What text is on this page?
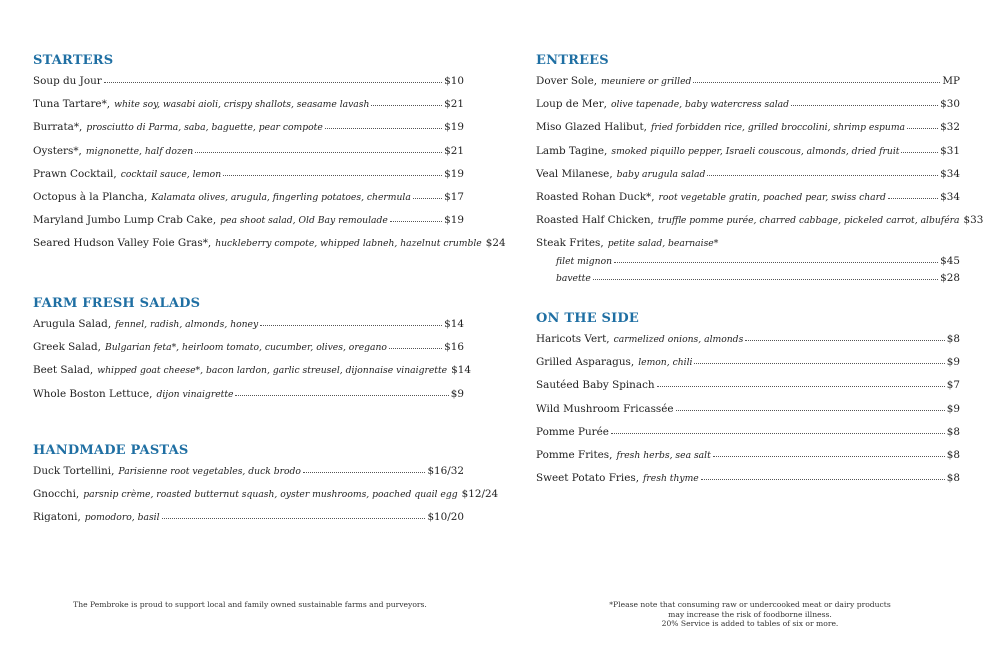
STARTERS
Soup du Jour	$10
Tuna Tartare* , white soy, wasabi aioli, crispy shallots, seasame lavash	$21
Burrata* , prosciutto di Parma, saba, baguette, pear compote	$19
Oysters* , mignonette, half dozen	$21
Prawn Cocktail , cocktail sauce, lemon	$19
Octopus à la Plancha , Kalamata olives, arugula, fingerling potatoes, chermula	$17
Maryland Jumbo Lump Crab Cake , pea shoot salad, Old Bay remoulade	$19
Seared Hudson Valley Foie Gras* , huckleberry compote, whipped labneh, hazelnut crumble $24
FARM FRESH SALADS
Arugula Salad , fennel, radish, almonds, honey	$14
Greek Salad , Bulgarian feta*, heirloom tomato, cucumber, olives, oregano	$16
Beet Salad , whipped goat cheese*, bacon lardon, garlic streusel, dijonnaise vinaigrette $14
Whole Boston Lettuce , dijon vinaigrette	$9
HANDMADE PASTAS
Duck Tortellini , Parisienne root vegetables, duck brodo	$16/32
Gnocchi , parsnip crème, roasted butternut squash, oyster mushrooms, poached quail egg $12/24
Rigatoni , pomodoro, basil	$10/20
ENTREES
Dover Sole , meuniere or grilled	MP
Loup de Mer , olive tapenade, baby watercress salad	$30
Miso Glazed Halibut , fried forbidden rice, grilled broccolini, shrimp espuma	$32
Lamb Tagine , smoked piquillo pepper, Israeli couscous, almonds, dried fruit	$31
Veal Milanese , baby arugula salad	$34
Roasted Rohan Duck* , root vegetable gratin, poached pear, swiss chard	$34
Roasted Half Chicken , truffle pomme purée, charred cabbage, pickeled carrot, albuféra $33
Steak Frites , petite salad, bearnaise*
filet mignon	$45
bavette	$28
ON THE SIDE
Haricots Vert , carmelized onions, almonds	$8
Grilled Asparagus , lemon, chili	$9
Sautéed Baby Spinach	$7
Wild Mushroom Fricassée	$9
Pomme Purée	$8
Pomme Frites , fresh herbs, sea salt	$8
Sweet Potato Fries , fresh thyme	$8
The Pembroke is proud to support local and family owned sustainable farms and purveyors.	*Please note that consuming raw or undercooked meat or dairy products
may increase the risk of foodborne illness.
20% Service is added to tables of six or more.
